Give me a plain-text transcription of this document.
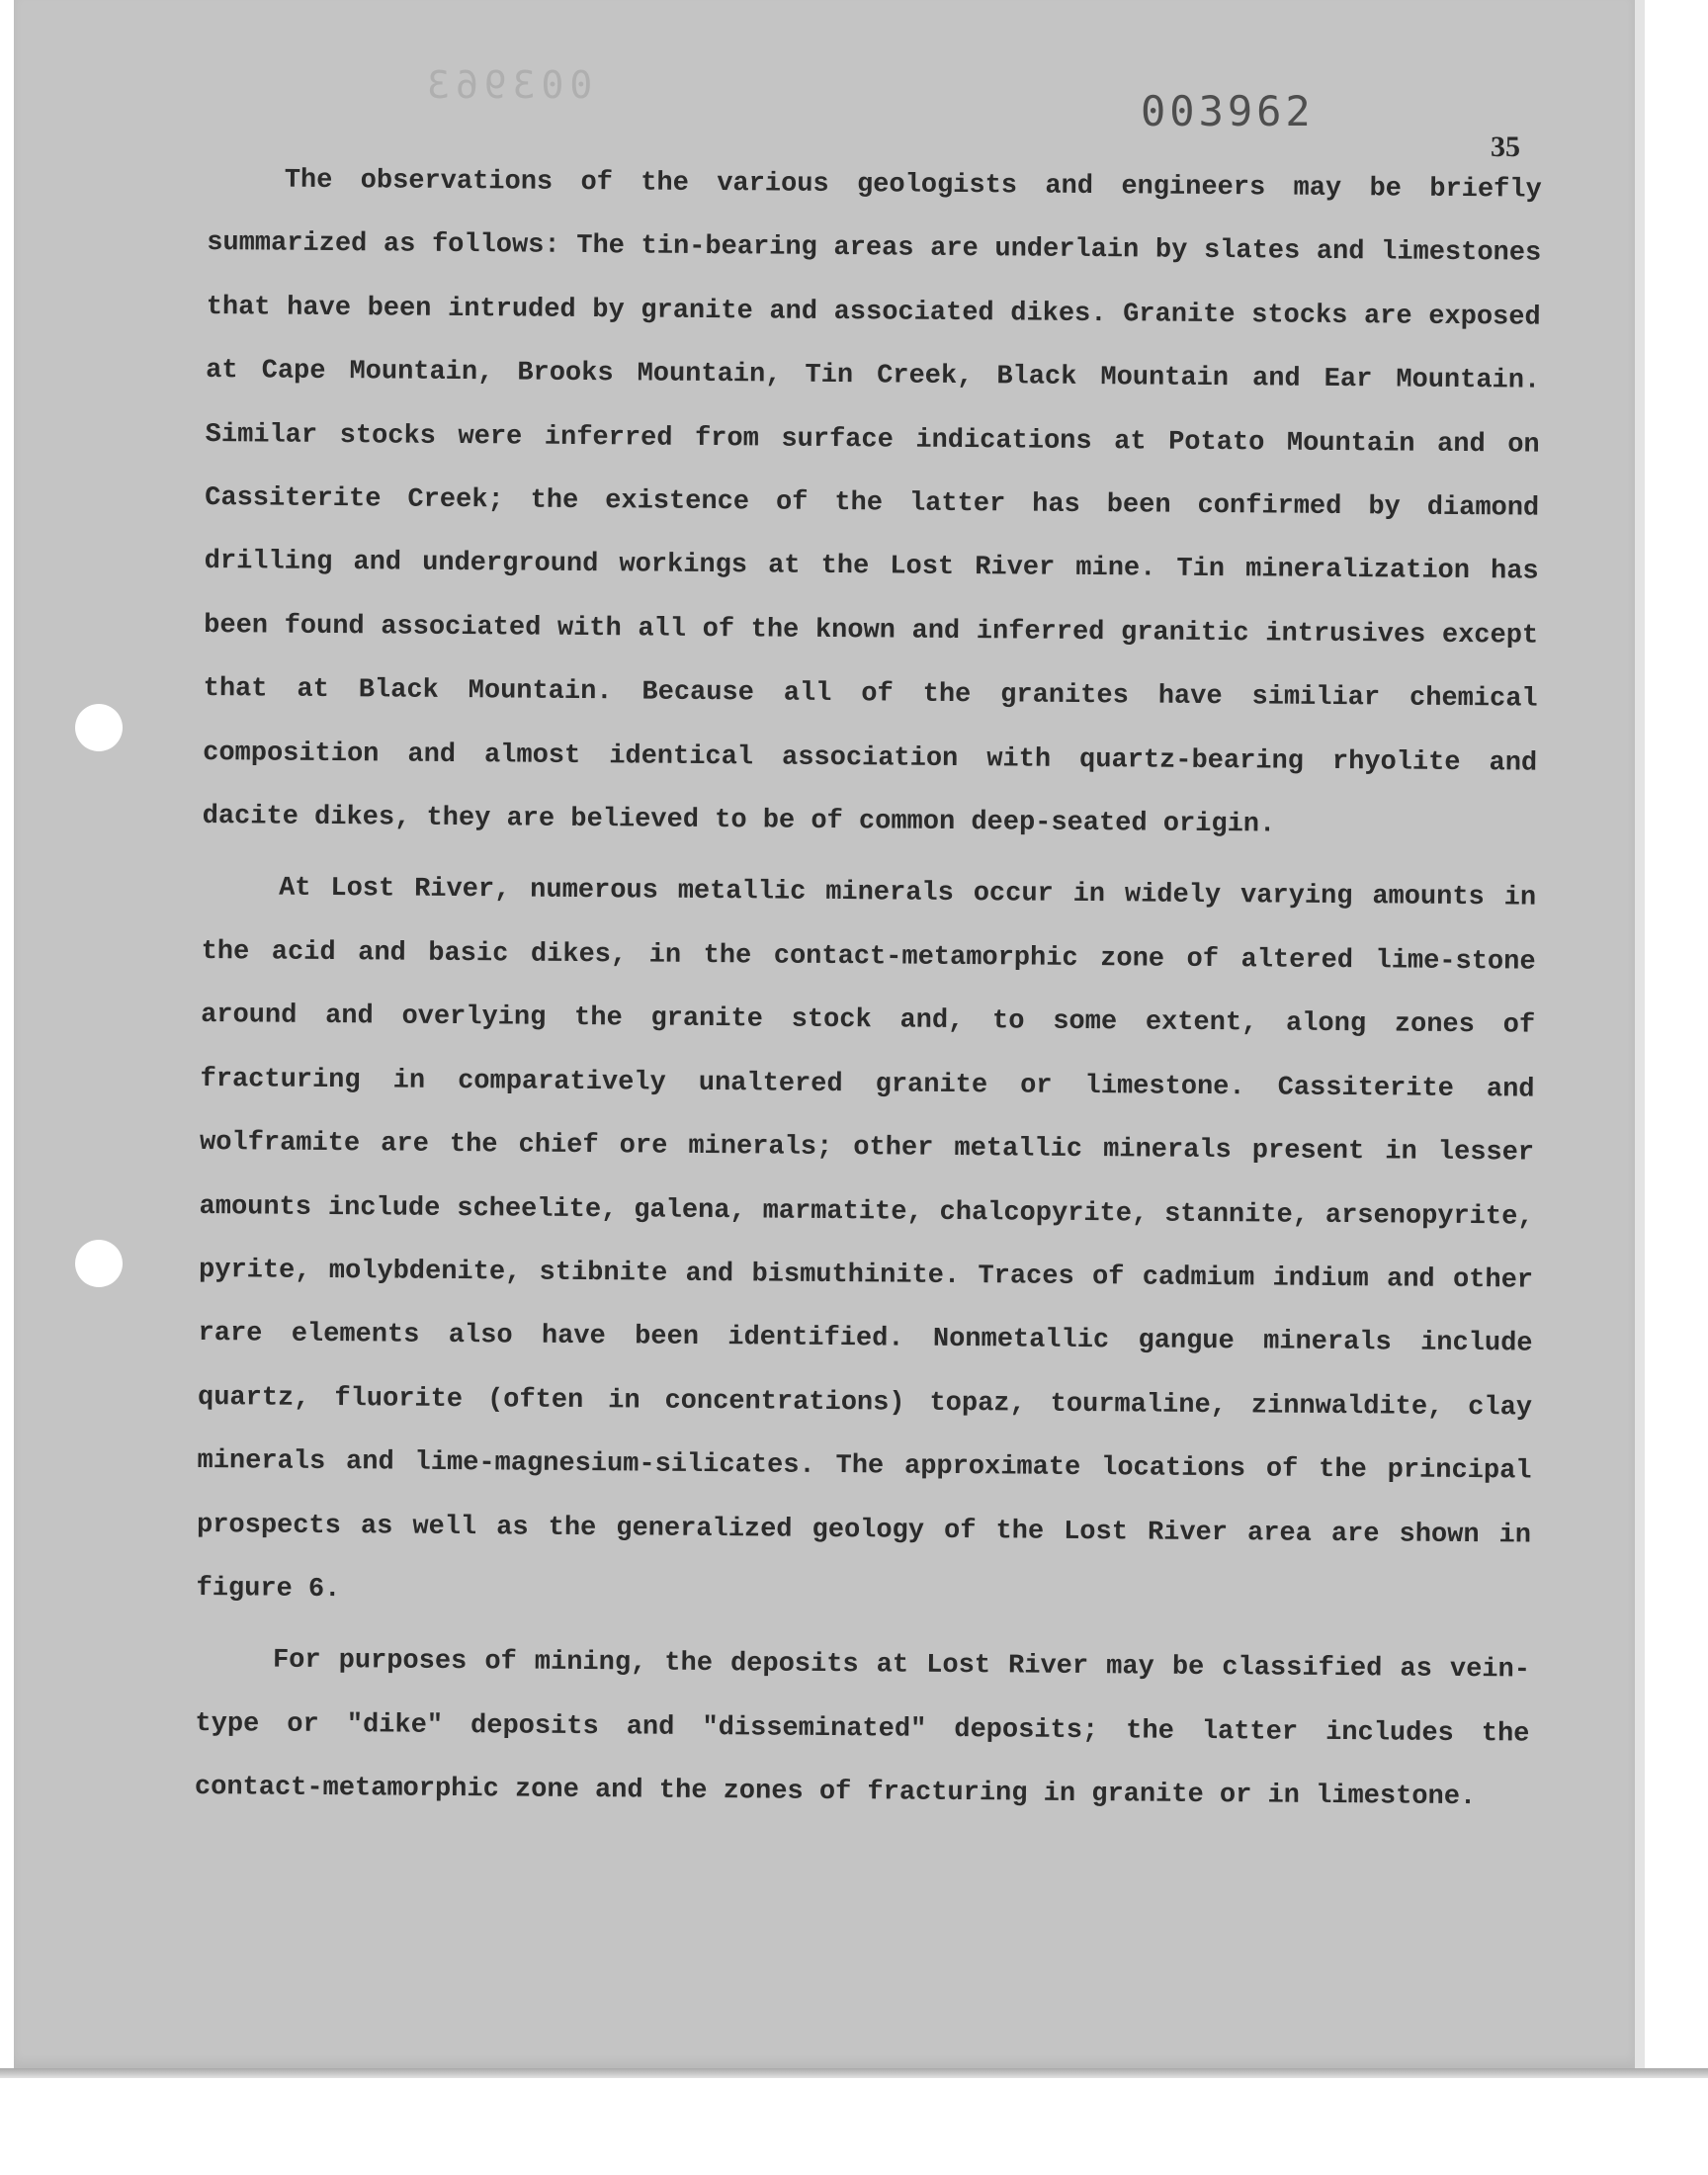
003963
003962
35

The observations of the various geologists and engineers may be briefly summarized as follows: The tin-bearing areas are underlain by slates and limestones that have been intruded by granite and associated dikes. Granite stocks are exposed at Cape Mountain, Brooks Mountain, Tin Creek, Black Mountain and Ear Mountain. Similar stocks were inferred from surface indications at Potato Mountain and on Cassiterite Creek; the existence of the latter has been confirmed by diamond drilling and underground workings at the Lost River mine. Tin mineralization has been found associated with all of the known and inferred granitic intrusives except that at Black Mountain. Because all of the granites have similiar chemical composition and almost identical association with quartz-bearing rhyolite and dacite dikes, they are believed to be of common deep-seated origin.

At Lost River, numerous metallic minerals occur in widely varying amounts in the acid and basic dikes, in the contact-metamorphic zone of altered lime-stone around and overlying the granite stock and, to some extent, along zones of fracturing in comparatively unaltered granite or limestone. Cassiterite and wolframite are the chief ore minerals; other metallic minerals present in lesser amounts include scheelite, galena, marmatite, chalcopyrite, stannite, arsenopyrite, pyrite, molybdenite, stibnite and bismuthinite. Traces of cadmium indium and other rare elements also have been identified. Nonmetallic gangue minerals include quartz, fluorite (often in concentrations) topaz, tourmaline, zinnwaldite, clay minerals and lime-magnesium-silicates. The approximate locations of the principal prospects as well as the generalized geology of the Lost River area are shown in figure 6.

For purposes of mining, the deposits at Lost River may be classified as vein-type or "dike" deposits and "disseminated" deposits; the latter includes the contact-metamorphic zone and the zones of fracturing in granite or in limestone.
